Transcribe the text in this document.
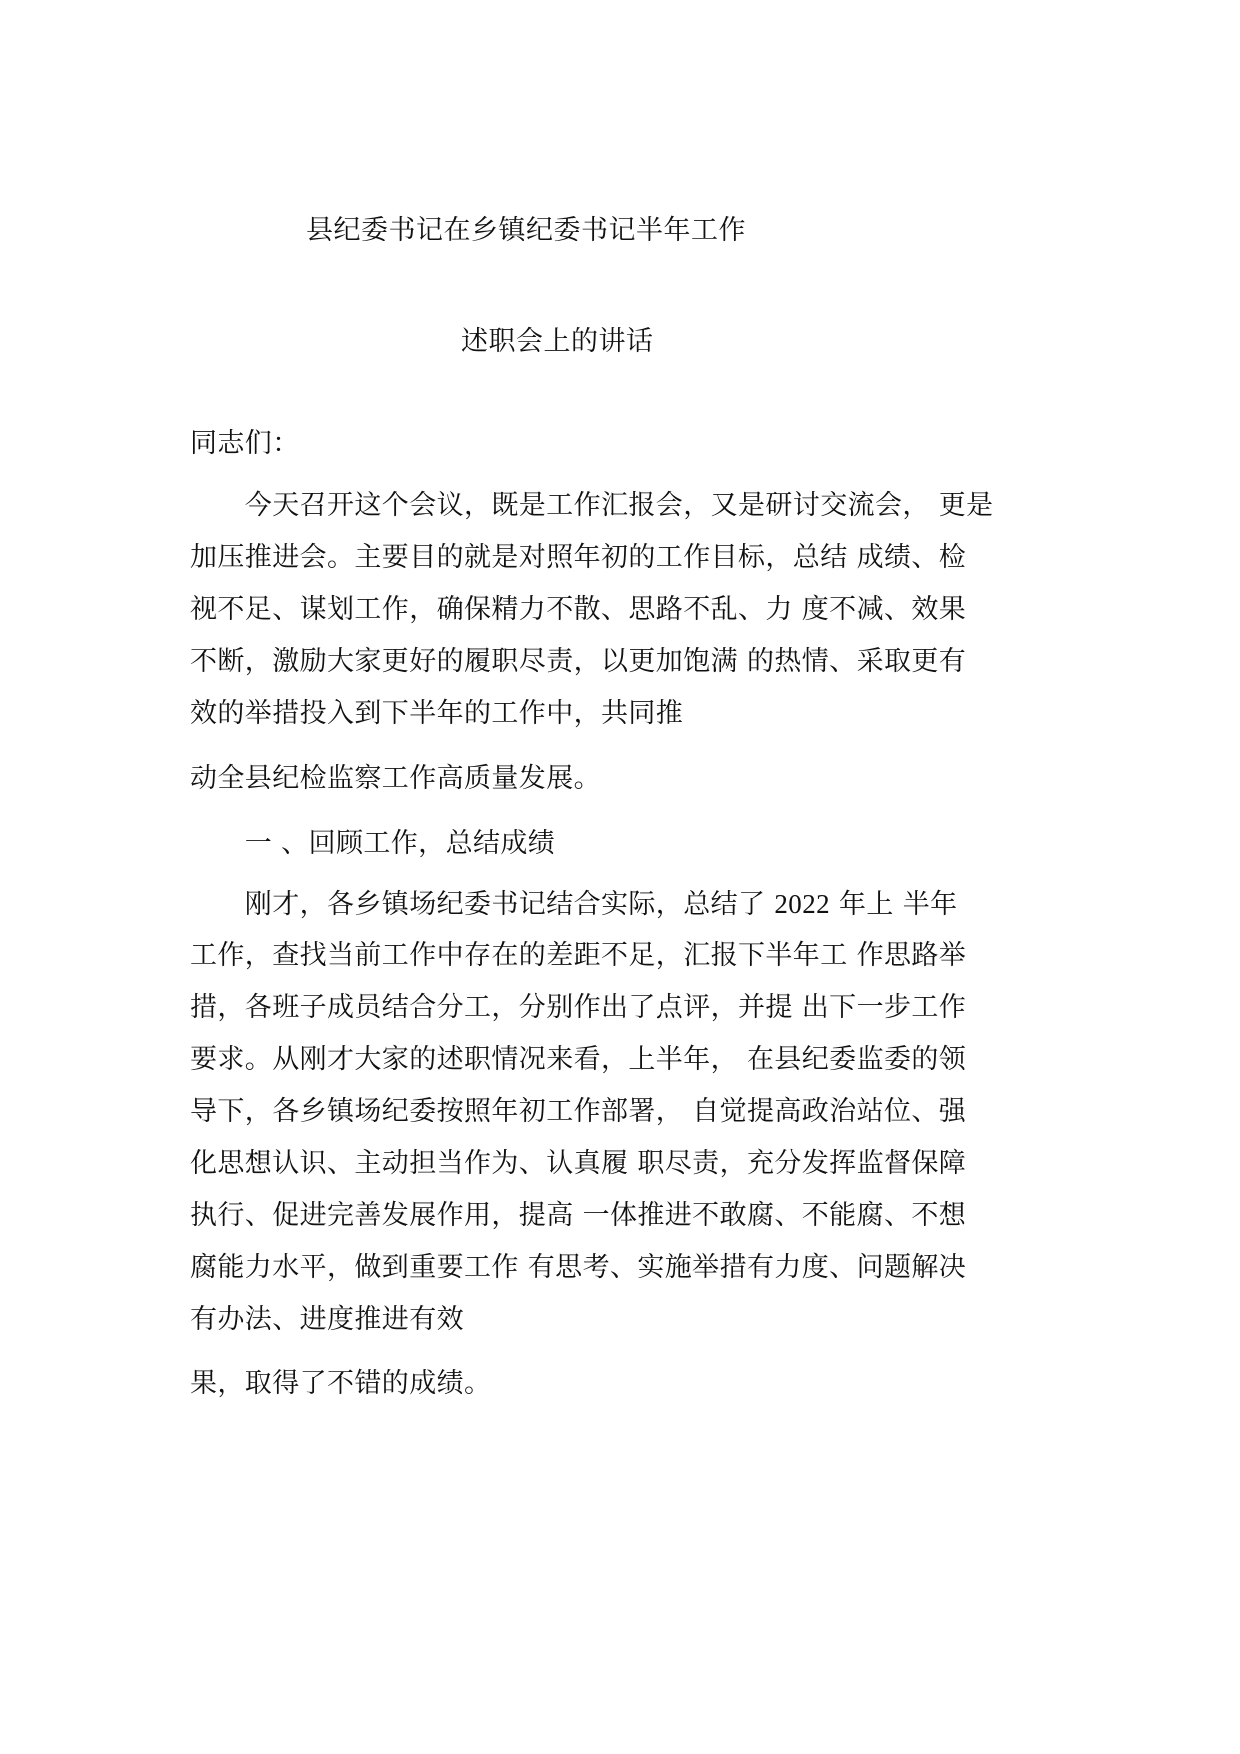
县纪委书记在乡镇纪委书记半年工作
述职会上的讲话
同志们：
　　今天召开这个会议，既是工作汇报会，又是研讨交流会， 更是
加压推进会。主要目的就是对照年初的工作目标，总结 成绩、检
视不足、谋划工作，确保精力不散、思路不乱、力 度不减、效果
不断，激励大家更好的履职尽责，以更加饱满 的热情、采取更有
效的举措投入到下半年的工作中，共同推
动全县纪检监察工作高质量发展。
　　一 、回顾工作，总结成绩
　　刚才，各乡镇场纪委书记结合实际，总结了 2022 年上 半年
工作，查找当前工作中存在的差距不足，汇报下半年工 作思路举
措，各班子成员结合分工，分别作出了点评，并提 出下一步工作
要求。从刚才大家的述职情况来看，上半年， 在县纪委监委的领
导下，各乡镇场纪委按照年初工作部署， 自觉提高政治站位、强
化思想认识、主动担当作为、认真履 职尽责，充分发挥监督保障
执行、促进完善发展作用，提高 一体推进不敢腐、不能腐、不想
腐能力水平，做到重要工作 有思考、实施举措有力度、问题解决
有办法、进度推进有效
果，取得了不错的成绩。
